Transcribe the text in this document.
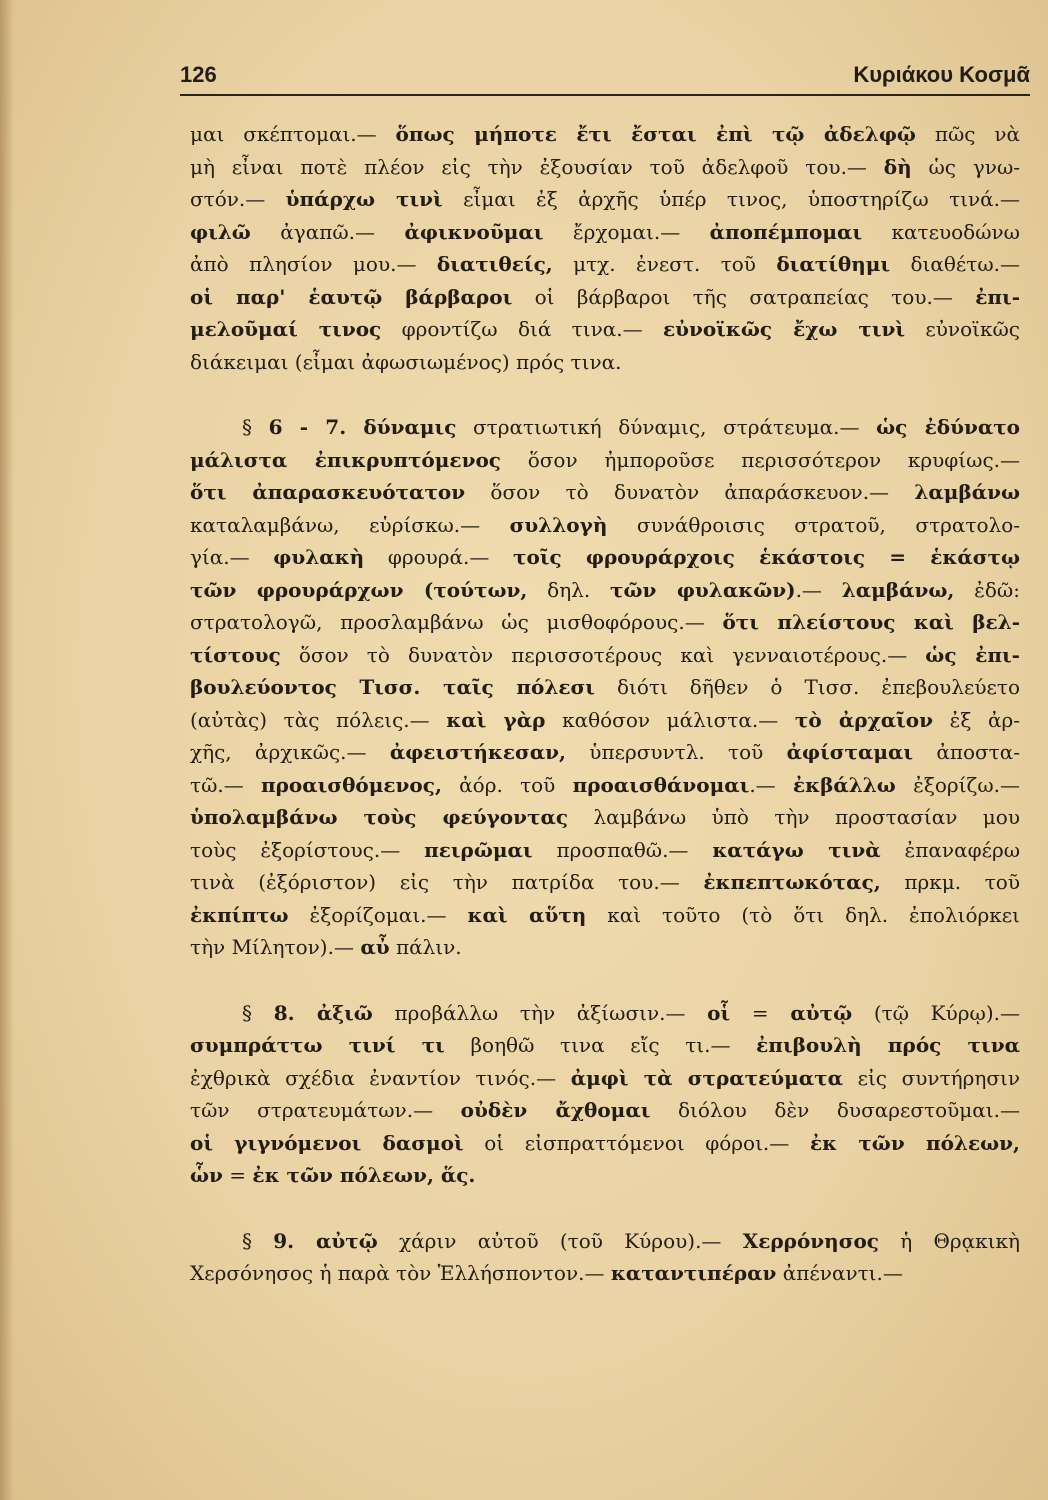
126	Κυριάκου Κοσμᾶ
μαι σκέπτομαι.— ὅπως μήποτε ἔτι ἔσται ἐπὶ τῷ ἀδελφῷ πῶς νὰ
μὴ εἶναι ποτὲ πλέον εἰς τὴν ἐξουσίαν τοῦ ἀδελφοῦ του.— δὴ ὡς γνω-
στόν.— ὑπάρχω τινὶ εἶμαι ἐξ ἀρχῆς ὑπέρ τινος, ὑποστηρίζω τινά.—
φιλῶ ἀγαπῶ.— ἀφικνοῦμαι ἔρχομαι.— ἀποπέμπομαι κατευοδώνω
ἀπὸ πλησίον μου.— διατιθείς, μτχ. ἐνεστ. τοῦ διατίθημι διαθέτω.—
οἱ παρ' ἑαυτῷ βάρβαροι οἱ βάρβαροι τῆς σατραπείας του.— ἐπι-
μελοῦμαί τινος φροντίζω διά τινα.— εὐνοϊκῶς ἔχω τινὶ εὐνοϊκῶς
διάκειμαι (εἶμαι ἀφωσιωμένος) πρός τινα.
§ 6 - 7. δύναμις στρατιωτική δύναμις, στράτευμα.— ὡς ἐδύνατο
μάλιστα ἐπικρυπτόμενος ὅσον ἠμποροῦσε περισσότερον κρυφίως.—
ὅτι ἀπαρασκευότατον ὅσον τὸ δυνατὸν ἀπαράσκευον.— λαμβάνω
καταλαμβάνω, εὑρίσκω.— συλλογὴ συνάθροισις στρατοῦ, στρατολο-
γία.— φυλακὴ φρουρά.— τοῖς φρουράρχοις ἑκάστοις = ἑκάστῳ
τῶν φρουράρχων (τούτων, δηλ. τῶν φυλακῶν).— λαμβάνω, ἐδῶ:
στρατολογῶ, προσλαμβάνω ὡς μισθοφόρους.— ὅτι πλείστους καὶ βελ-
τίστους ὅσον τὸ δυνατὸν περισσοτέρους καὶ γενναιοτέρους.— ὡς ἐπι-
βουλεύοντος Τισσ. ταῖς πόλεσι διότι δῆθεν ὁ Τισσ. ἐπεβουλεύετο
(αὐτὰς) τὰς πόλεις.— καὶ γὰρ καθόσον μάλιστα.— τὸ ἀρχαῖον ἐξ ἀρ-
χῆς, ἀρχικῶς.— ἀφειστήκεσαν, ὑπερσυντλ. τοῦ ἀφίσταμαι ἀποστα-
τῶ.— προαισθόμενος, ἀόρ. τοῦ προαισθάνομαι.— ἐκβάλλω ἐξορίζω.—
ὑπολαμβάνω τοὺς φεύγοντας λαμβάνω ὑπὸ τὴν προστασίαν μου
τοὺς ἐξορίστους.— πειρῶμαι προσπαθῶ.— κατάγω τινὰ ἐπαναφέρω
τινὰ (ἐξόριστον) εἰς τὴν πατρίδα του.— ἐκπεπτωκότας, πρκμ. τοῦ
ἐκπίπτω ἐξορίζομαι.— καὶ αὕτη καὶ τοῦτο (τὸ ὅτι δηλ. ἐπολιόρκει
τὴν Μίλητον).— αὖ πάλιν.
§ 8. ἀξιῶ προβάλλω τὴν ἀξίωσιν.— οἷ = αὐτῷ (τῷ Κύρῳ).—
συμπράττω τινί τι βοηθῶ τινα εἴς τι.— ἐπιβουλὴ πρός τινα
ἐχθρικὰ σχέδια ἐναντίον τινός.— ἀμφὶ τὰ στρατεύματα εἰς συντήρησιν
τῶν στρατευμάτων.— οὐδὲν ἄχθομαι διόλου δὲν δυσαρεστοῦμαι.—
οἱ γιγνόμενοι δασμοὶ οἱ εἰσπραττόμενοι φόροι.— ἐκ τῶν πόλεων,
ὧν = ἐκ τῶν πόλεων, ἅς.
§ 9. αὐτῷ χάριν αὐτοῦ (τοῦ Κύρου).— Χερρόνησος ἡ Θρᾳκικὴ
Χερσόνησος ἡ παρὰ τὸν Ἑλλήσποντον.— καταντιπέραν ἀπέναντι.—
